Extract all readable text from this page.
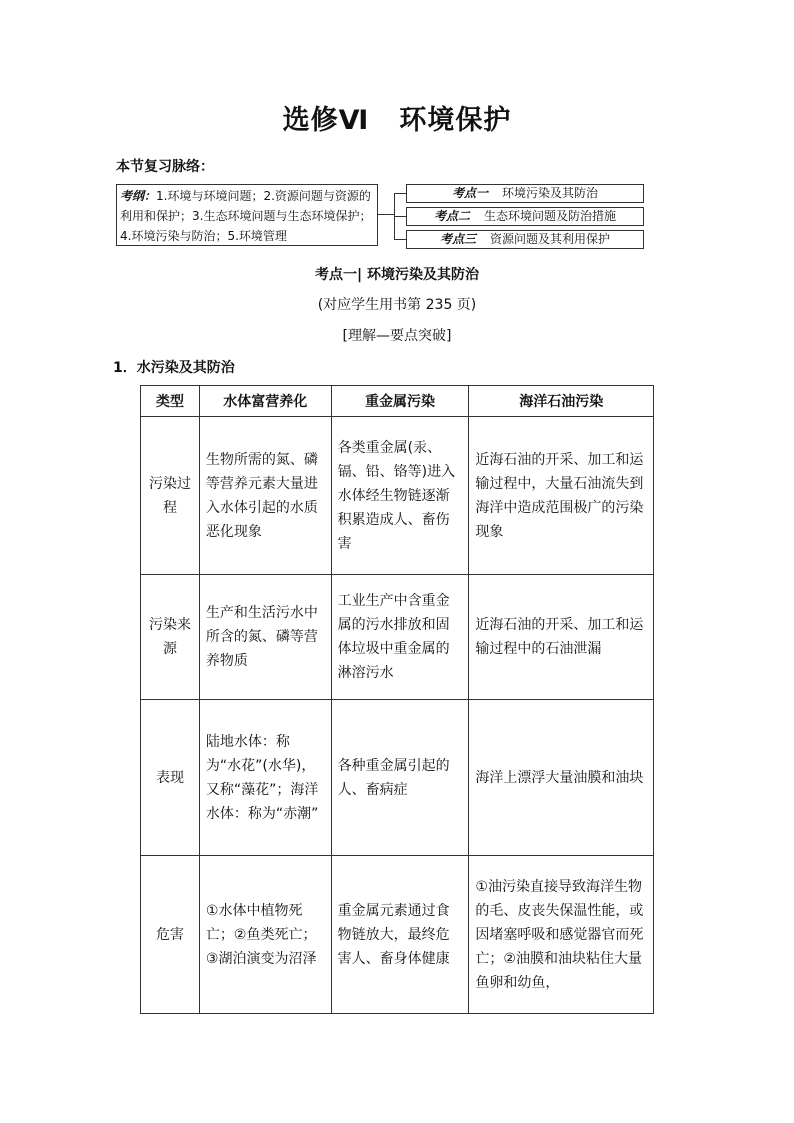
选修Ⅵ 环境保护
本节复习脉络：
考纲：1.环境与环境问题；2.资源问题与资源的利用和保护；3.生态环境问题与生态环境保护；4.环境污染与防治；5.环境管理
考点一 环境污染及其防治
考点二 生态环境问题及防治措施
考点三 资源问题及其利用保护
考点一| 环境污染及其防治
(对应学生用书第 235 页)
[理解—要点突破]
1．水污染及其防治
类型	水体富营养化	重金属污染	海洋石油污染
污染过程	生物所需的氮、磷等营养元素大量进入水体引起的水质恶化现象	各类重金属(汞、镉、铅、铬等)进入水体经生物链逐渐积累造成人、畜伤害	近海石油的开采、加工和运输过程中，大量石油流失到海洋中造成范围极广的污染现象
污染来源	生产和生活污水中所含的氮、磷等营养物质	工业生产中含重金属的污水排放和固体垃圾中重金属的淋溶污水	近海石油的开采、加工和运输过程中的石油泄漏
表现	陆地水体：称为“水花”(水华)，又称“藻花”；海洋水体：称为“赤潮”	各种重金属引起的人、畜病症	海洋上漂浮大量油膜和油块
危害	①水体中植物死亡；②鱼类死亡；③湖泊演变为沼泽	重金属元素通过食物链放大，最终危害人、畜身体健康	①油污染直接导致海洋生物的毛、皮丧失保温性能，或因堵塞呼吸和感觉器官而死亡；②油膜和油块粘住大量鱼卵和幼鱼，
